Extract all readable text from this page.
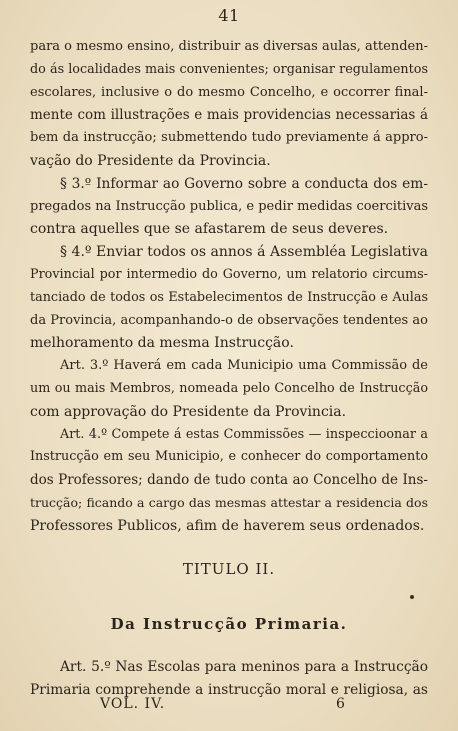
41
para o mesmo ensino, distribuir as diversas aulas, attenden-
do ás localidades mais convenientes; organisar regulamentos
escolares, inclusive o do mesmo Concelho, e occorrer final-
mente com illustrações e mais providencias necessarias á
bem da instrucção; submettendo tudo previamente á appro-
vação do Presidente da Provincia.
§ 3.º Informar ao Governo sobre a conducta dos em-
pregados na Instrucção publica, e pedir medidas coercitivas
contra aquelles que se afastarem de seus deveres.
§ 4.º Enviar todos os annos á Assembléa Legislativa
Provincial por intermedio do Governo, um relatorio circums-
tanciado de todos os Estabelecimentos de Instrucção e Aulas
da Provincia, acompanhando-o de observações tendentes ao
melhoramento da mesma Instrucção.
Art. 3.º Haverá em cada Municipio uma Commissão de
um ou mais Membros, nomeada pelo Concelho de Instrucção
com approvação do Presidente da Provincia.
Art. 4.º Compete á estas Commissões — inspeccioonar a
Instrucção em seu Municipio, e conhecer do comportamento
dos Professores; dando de tudo conta ao Concelho de Ins-
trucção; ficando a cargo das mesmas attestar a residencia dos
Professores Publicos, afim de haverem seus ordenados.
TITULO II.
Da Instrucção Primaria.
Art. 5.º Nas Escolas para meninos para a Instrucção
Primaria comprehende a instrucção moral e religiosa, as
VOL. IV.	6
